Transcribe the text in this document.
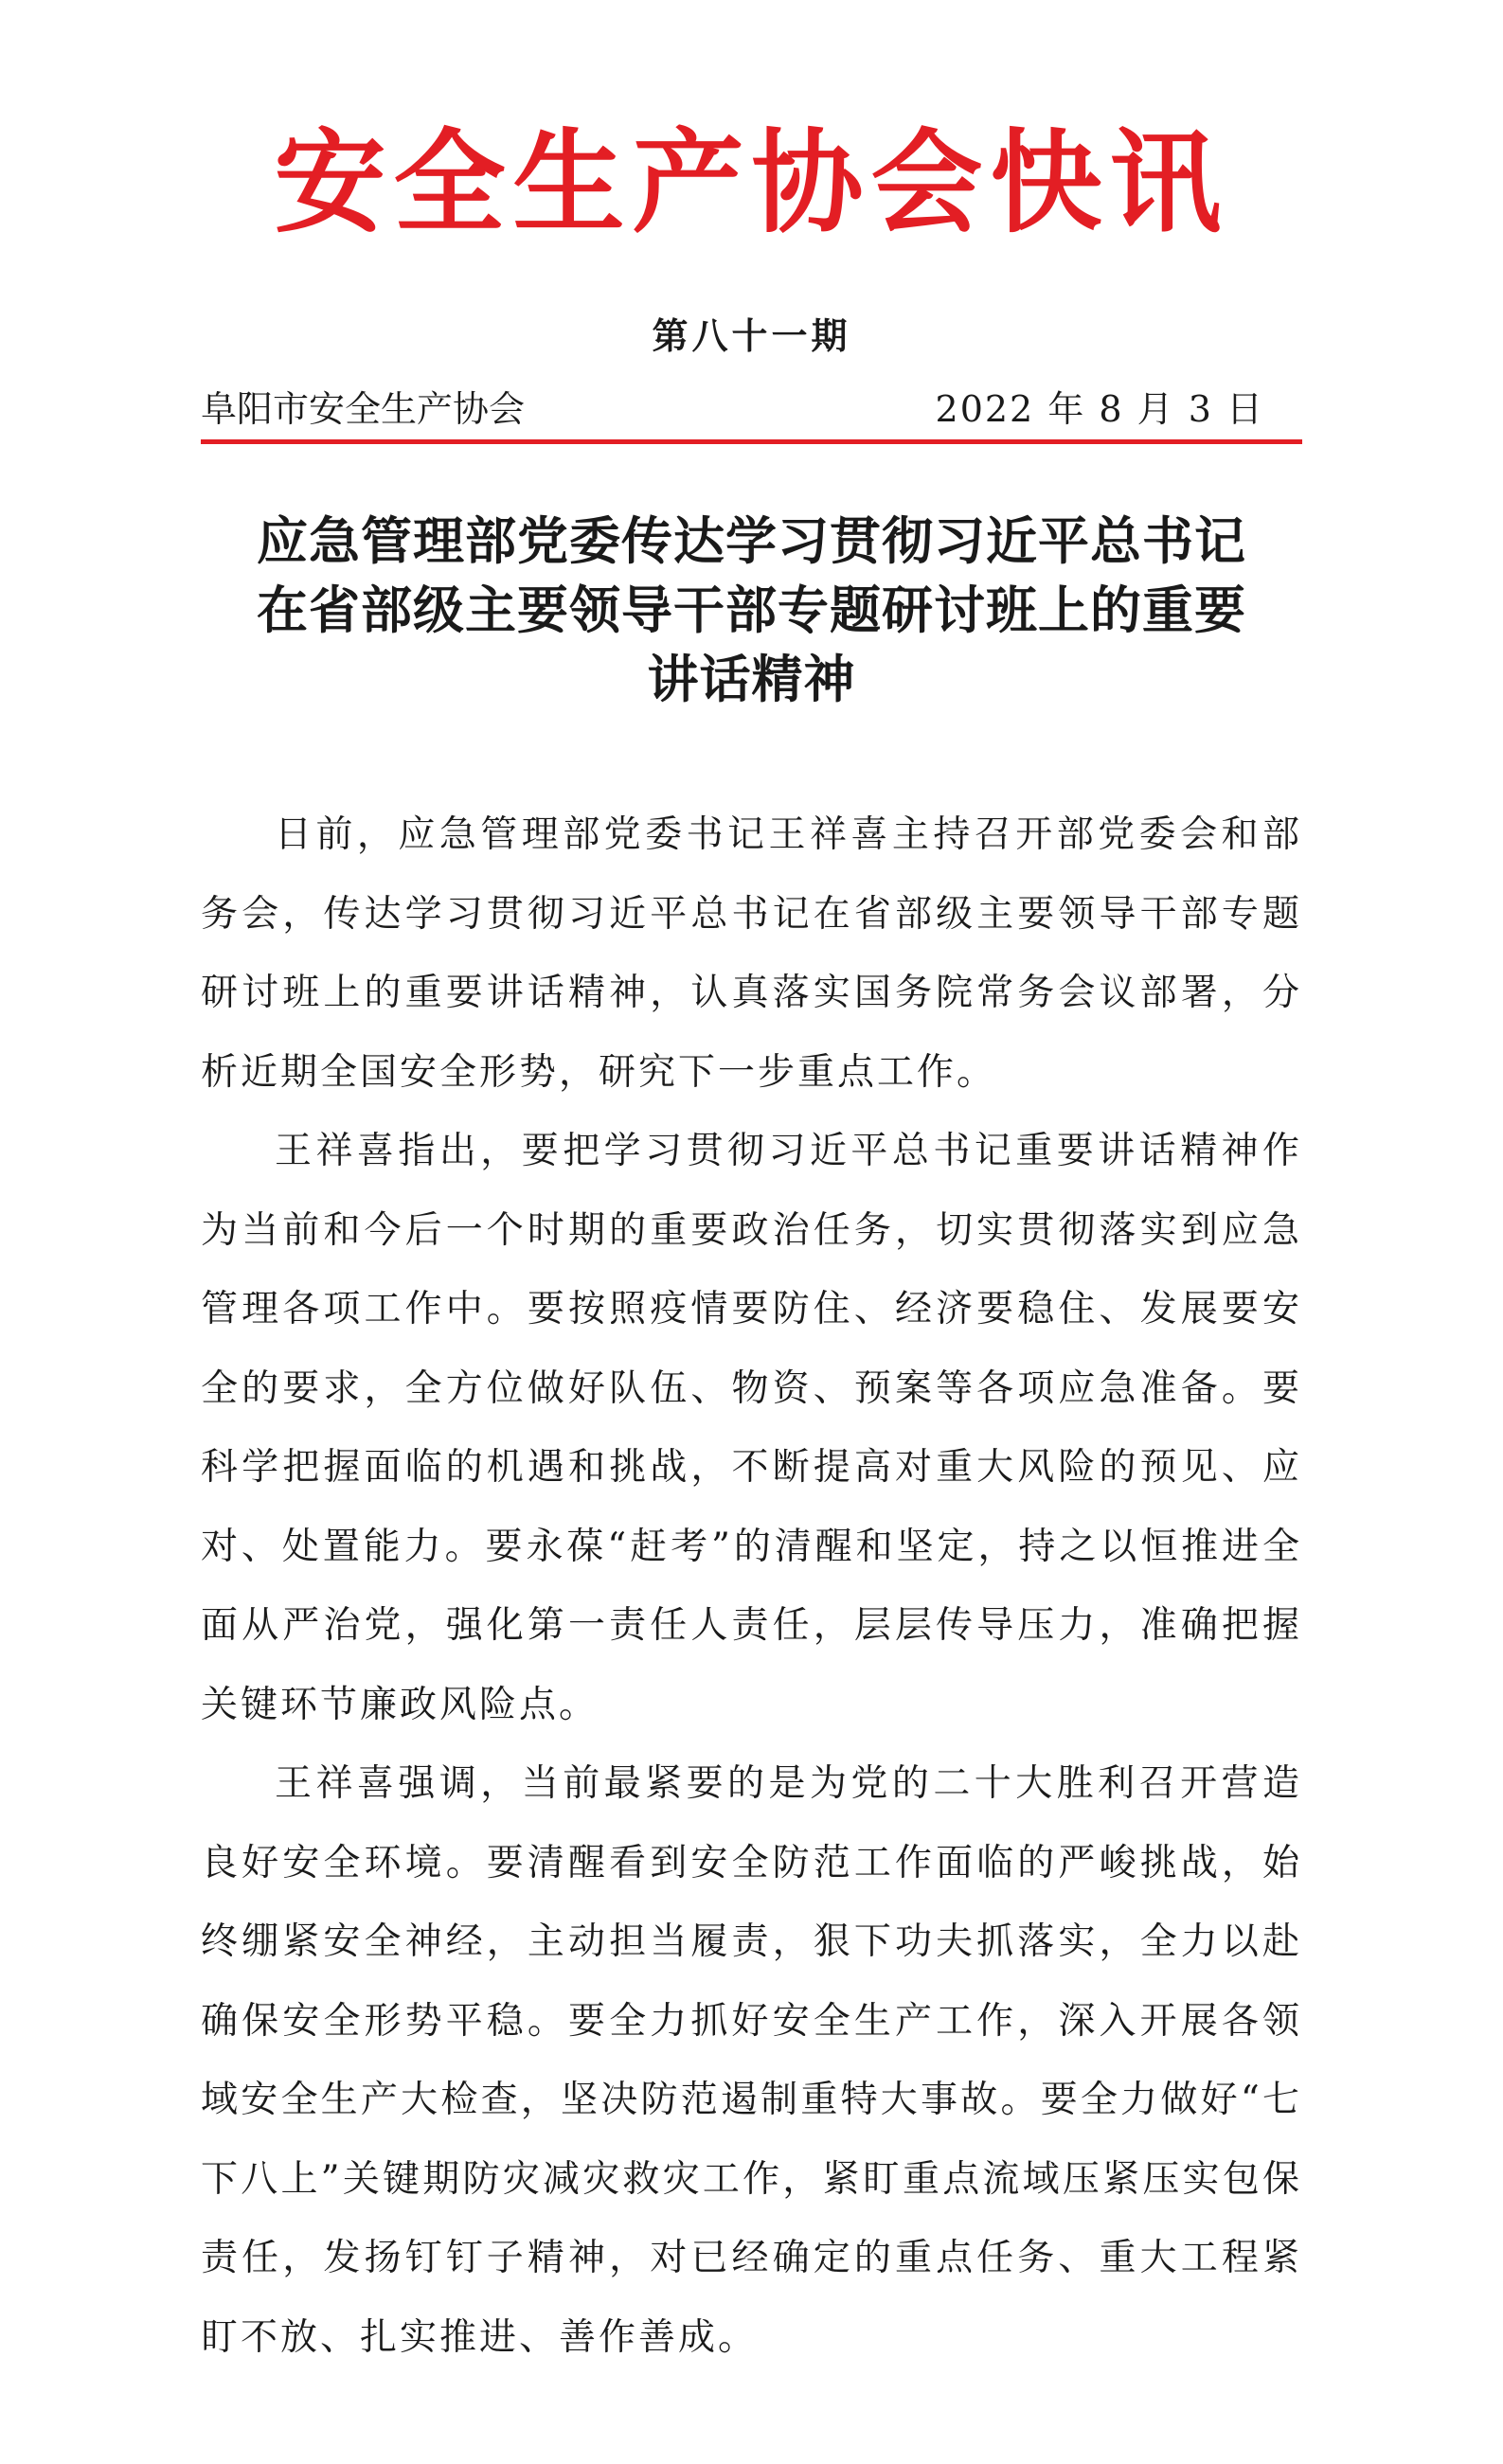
安全生产协会快讯
第八十一期
阜阳市安全生产协会	2022 年 8 月 3 日
应急管理部党委传达学习贯彻习近平总书记
在省部级主要领导干部专题研讨班上的重要
讲话精神

日前，应急管理部党委书记王祥喜主持召开部党委会和部务会，传达学习贯彻习近平总书记在省部级主要领导干部专题研讨班上的重要讲话精神，认真落实国务院常务会议部署，分析近期全国安全形势，研究下一步重点工作。

王祥喜指出，要把学习贯彻习近平总书记重要讲话精神作为当前和今后一个时期的重要政治任务，切实贯彻落实到应急管理各项工作中。要按照疫情要防住、经济要稳住、发展要安全的要求，全方位做好队伍、物资、预案等各项应急准备。要科学把握面临的机遇和挑战，不断提高对重大风险的预见、应对、处置能力。要永葆“赶考”的清醒和坚定，持之以恒推进全面从严治党，强化第一责任人责任，层层传导压力，准确把握关键环节廉政风险点。

王祥喜强调，当前最紧要的是为党的二十大胜利召开营造良好安全环境。要清醒看到安全防范工作面临的严峻挑战，始终绷紧安全神经，主动担当履责，狠下功夫抓落实，全力以赴确保安全形势平稳。要全力抓好安全生产工作，深入开展各领域安全生产大检查，坚决防范遏制重特大事故。要全力做好“七下八上”关键期防灾减灾救灾工作，紧盯重点流域压紧压实包保责任，发扬钉钉子精神，对已经确定的重点任务、重大工程紧盯不放、扎实推进、善作善成。
